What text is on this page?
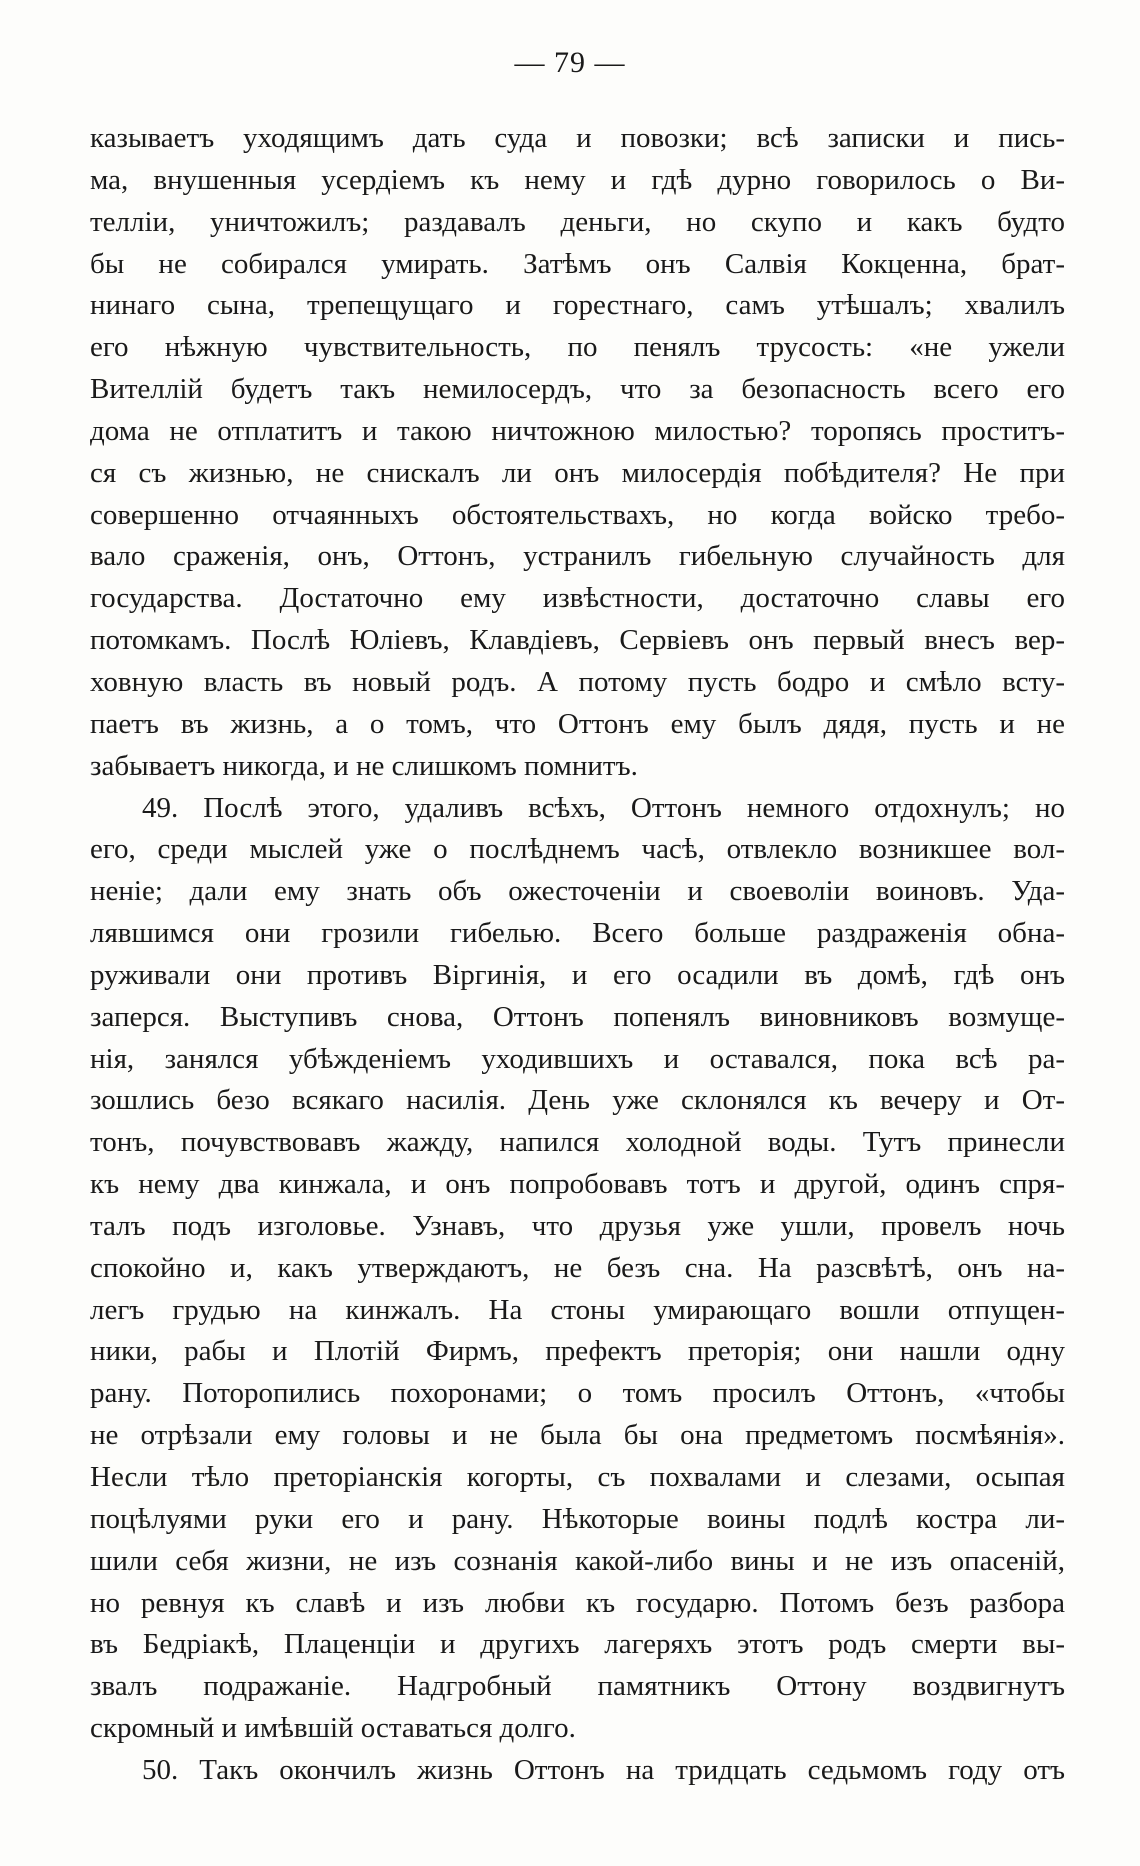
— 79 —
казываетъ уходящимъ дать суда и повозки; всѣ записки и пись-
ма, внушенныя усердіемъ къ нему и гдѣ дурно говорилось о Ви-
телліи, уничтожилъ; раздавалъ деньги, но скупо и какъ будто
бы не собирался умирать. Затѣмъ онъ Салвія Кокценна, брат-
нинаго сына, трепещущаго и горестнаго, самъ утѣшалъ; хвалилъ
его нѣжную чувствительность, по пенялъ трусость: «не ужели
Вителлій будетъ такъ немилосердъ, что за безопасность всего его
дома не отплатитъ и такою ничтожною милостью? торопясь проститъ-
ся съ жизнью, не снискалъ ли онъ милосердія побѣдителя? Не при
совершенно отчаянныхъ обстоятельствахъ, но когда войско требо-
вало сраженія, онъ, Оттонъ, устранилъ гибельную случайность для
государства. Достаточно ему извѣстности, достаточно славы его
потомкамъ. Послѣ Юліевъ, Клавдіевъ, Сервіевъ онъ первый внесъ вер-
ховную власть въ новый родъ. А потому пусть бодро и смѣло всту-
паетъ въ жизнь, а о томъ, что Оттонъ ему былъ дядя, пусть и не
забываетъ никогда, и не слишкомъ помнитъ.
49. Послѣ этого, удаливъ всѣхъ, Оттонъ немного отдохнулъ; но
его, среди мыслей уже о послѣднемъ часѣ, отвлекло возникшее вол-
неніе; дали ему знать объ ожесточеніи и своеволіи воиновъ. Уда-
лявшимся они грозили гибелью. Всего больше раздраженія обна-
руживали они противъ Віргинія, и его осадили въ домѣ, гдѣ онъ
заперся. Выступивъ снова, Оттонъ попенялъ виновниковъ возмуще-
нія, занялся убѣжденіемъ уходившихъ и оставался, пока всѣ ра-
зошлись безо всякаго насилія. День уже склонялся къ вечеру и От-
тонъ, почувствовавъ жажду, напился холодной воды. Тутъ принесли
къ нему два кинжала, и онъ попробовавъ тотъ и другой, одинъ спря-
талъ подъ изголовье. Узнавъ, что друзья уже ушли, провелъ ночь
спокойно и, какъ утверждаютъ, не безъ сна. На разсвѣтѣ, онъ на-
легъ грудью на кинжалъ. На стоны умирающаго вошли отпущен-
ники, рабы и Плотій Фирмъ, префектъ преторія; они нашли одну
рану. Поторопились похоронами; о томъ просилъ Оттонъ, «чтобы
не отрѣзали ему головы и не была бы она предметомъ посмѣянія».
Несли тѣло преторіанскія когорты, съ похвалами и слезами, осыпая
поцѣлуями руки его и рану. Нѣкоторые воины подлѣ костра ли-
шили себя жизни, не изъ сознанія какой-либо вины и не изъ опасеній,
но ревнуя къ славѣ и изъ любви къ государю. Потомъ безъ разбора
въ Бедріакѣ, Плаценціи и другихъ лагеряхъ этотъ родъ смерти вы-
звалъ подражаніе. Надгробный памятникъ Оттону воздвигнутъ
скромный и имѣвшій оставаться долго.
50. Такъ окончилъ жизнь Оттонъ на тридцать седьмомъ году отъ
